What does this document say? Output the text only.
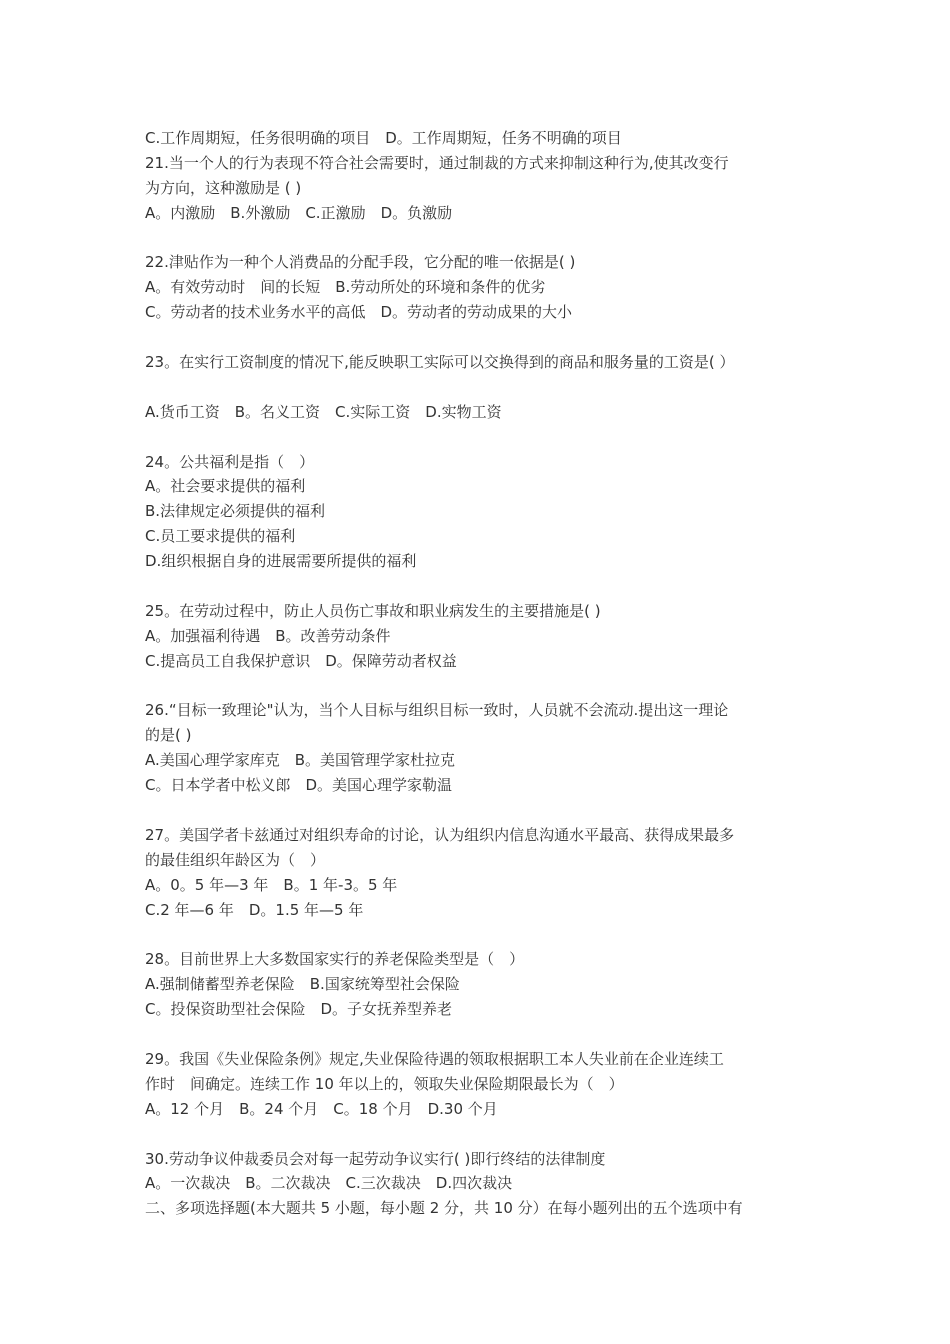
C.工作周期短，任务很明确的项目　D。工作周期短，任务不明确的项目
21.当一个人的行为表现不符合社会需要时，通过制裁的方式来抑制这种行为,使其改变行
为方向，这种激励是 ( )
A。内激励　B.外激励　C.正激励　D。负激励
22.津贴作为一种个人消费品的分配手段，它分配的唯一依据是( )
A。有效劳动时　间的长短　B.劳动所处的环境和条件的优劣
C。劳动者的技术业务水平的高低　D。劳动者的劳动成果的大小
23。在实行工资制度的情况下,能反映职工实际可以交换得到的商品和服务量的工资是( ）
A.货币工资　B。名义工资　C.实际工资　D.实物工资
24。公共福利是指（　）
A。社会要求提供的福利
B.法律规定必须提供的福利
C.员工要求提供的福利
D.组织根据自身的进展需要所提供的福利
25。在劳动过程中，防止人员伤亡事故和职业病发生的主要措施是( )
A。加强福利待遇　B。改善劳动条件
C.提高员工自我保护意识　D。保障劳动者权益
26.“目标一致理论"认为，当个人目标与组织目标一致时，人员就不会流动.提出这一理论
的是( )
A.美国心理学家库克　B。美国管理学家杜拉克
C。日本学者中松义郎　D。美国心理学家勒温
27。美国学者卡兹通过对组织寿命的讨论，认为组织内信息沟通水平最高、获得成果最多
的最佳组织年龄区为（　）
A。0。5 年—3 年　B。1 年-3。5 年
C.2 年—6 年　D。1.5 年—5 年
28。目前世界上大多数国家实行的养老保险类型是（　）
A.强制储蓄型养老保险　B.国家统筹型社会保险
C。投保资助型社会保险　D。子女抚养型养老
29。我国《失业保险条例》规定,失业保险待遇的领取根据职工本人失业前在企业连续工
作时　间确定。连续工作 10 年以上的，领取失业保险期限最长为（　）
A。12 个月　B。24 个月　C。18 个月　D.30 个月
30.劳动争议仲裁委员会对每一起劳动争议实行( )即行终结的法律制度
A。一次裁决　B。二次裁决　C.三次裁决　D.四次裁决
二、多项选择题(本大题共 5 小题，每小题 2 分，共 10 分）在每小题列出的五个选项中有
